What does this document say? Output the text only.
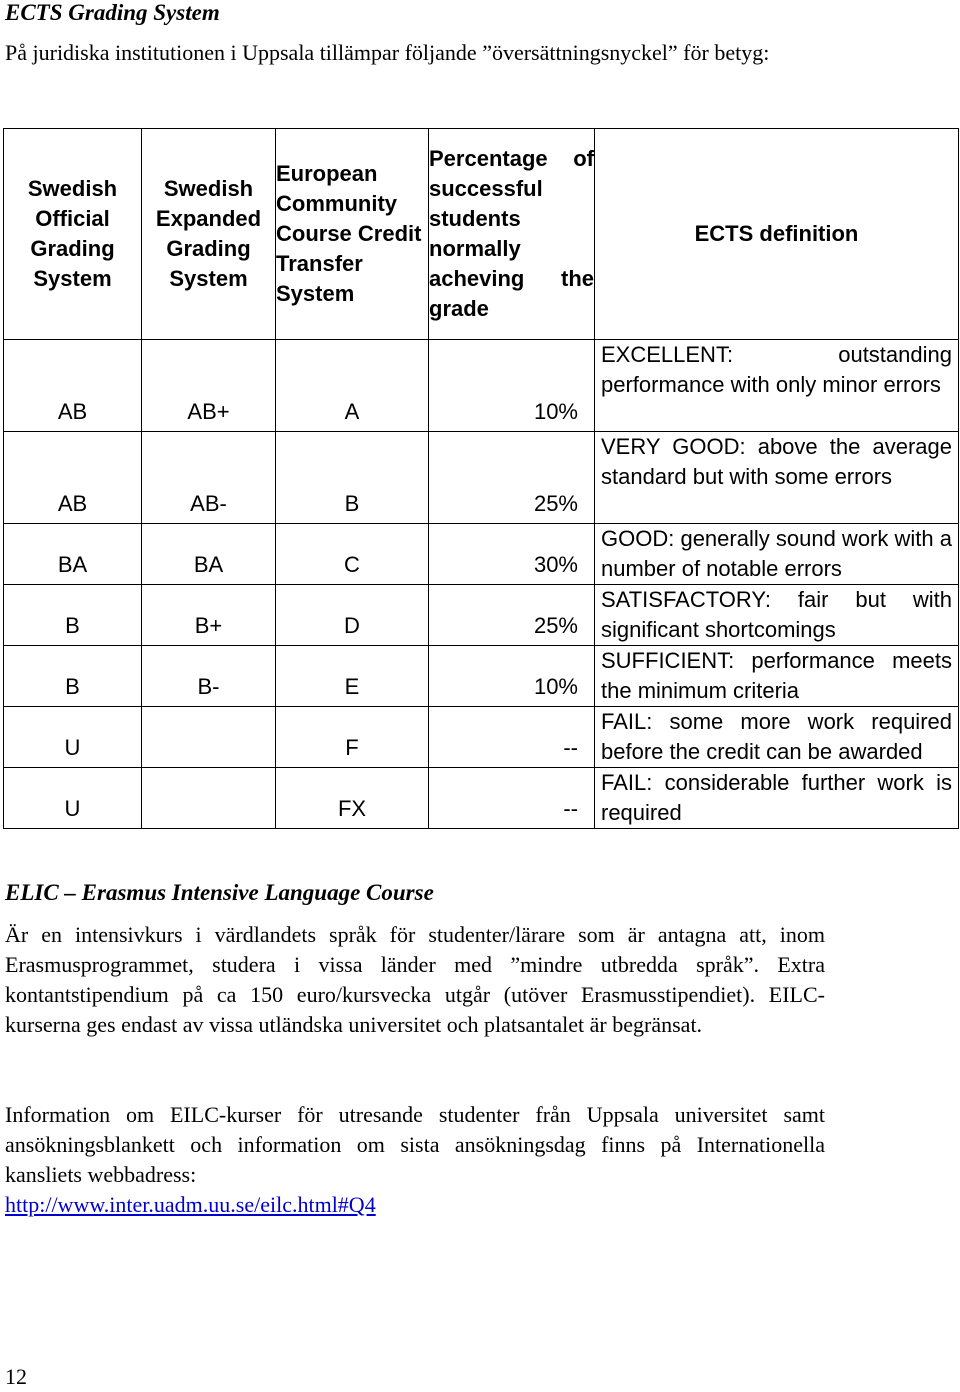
ECTS Grading System
På juridiska institutionen i Uppsala tillämpar följande ”översättningsnyckel” för betyg:
Swedish Official Grading System	Swedish Expanded Grading System	European Community Course Credit Transfer System	Percentage of successful students normally acheving the grade	ECTS definition
AB	AB+	A	10%	EXCELLENT: outstanding performance with only minor errors

AB	AB-	B	25%	VERY GOOD: above the average standard but with some errors

BA	BA	C	30%	GOOD: generally sound work with a number of notable errors

B	B+	D	25%	SATISFACTORY: fair but with significant shortcomings

B	B-	E	10%	SUFFICIENT: performance meets the minimum criteria

U		F	--	FAIL: some more work required before the credit can be awarded

U		FX	--	FAIL: considerable further work is required
ELIC – Erasmus Intensive Language Course
Är en intensivkurs i värdlandets språk för studenter/lärare som är antagna att, inom Erasmusprogrammet, studera i vissa länder med ”mindre utbredda språk”. Extra kontantstipendium på ca 150 euro/kursvecka utgår (utöver Erasmusstipendiet). EILC-kurserna ges endast av vissa utländska universitet och platsantalet är begränsat.
Information om EILC-kurser för utresande studenter från Uppsala universitet samt ansökningsblankett och information om sista ansökningsdag finns på Internationella kansliets webbadress:
http://www.inter.uadm.uu.se/eilc.html#Q4
12
